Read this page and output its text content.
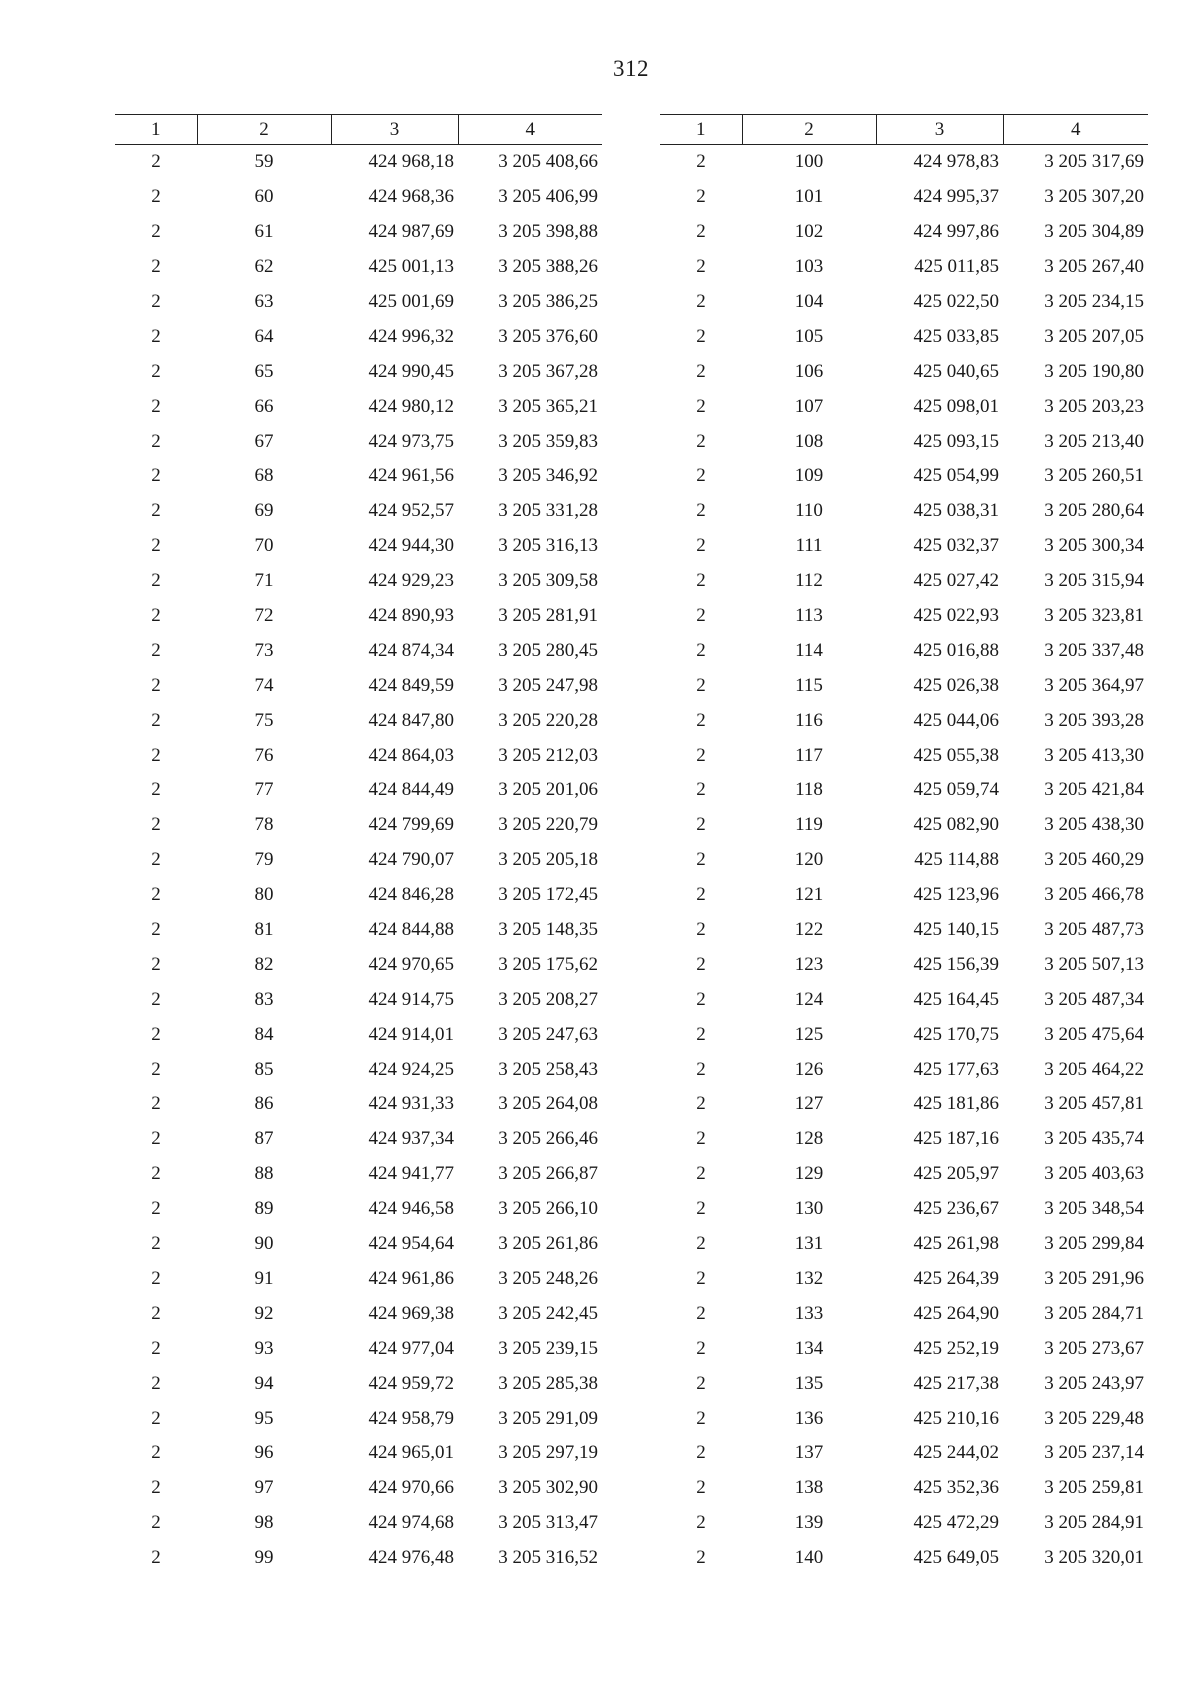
312
1	2	3	4
2	59	424 968,18	3 205 408,66
2	60	424 968,36	3 205 406,99
2	61	424 987,69	3 205 398,88
2	62	425 001,13	3 205 388,26
2	63	425 001,69	3 205 386,25
2	64	424 996,32	3 205 376,60
2	65	424 990,45	3 205 367,28
2	66	424 980,12	3 205 365,21
2	67	424 973,75	3 205 359,83
2	68	424 961,56	3 205 346,92
2	69	424 952,57	3 205 331,28
2	70	424 944,30	3 205 316,13
2	71	424 929,23	3 205 309,58
2	72	424 890,93	3 205 281,91
2	73	424 874,34	3 205 280,45
2	74	424 849,59	3 205 247,98
2	75	424 847,80	3 205 220,28
2	76	424 864,03	3 205 212,03
2	77	424 844,49	3 205 201,06
2	78	424 799,69	3 205 220,79
2	79	424 790,07	3 205 205,18
2	80	424 846,28	3 205 172,45
2	81	424 844,88	3 205 148,35
2	82	424 970,65	3 205 175,62
2	83	424 914,75	3 205 208,27
2	84	424 914,01	3 205 247,63
2	85	424 924,25	3 205 258,43
2	86	424 931,33	3 205 264,08
2	87	424 937,34	3 205 266,46
2	88	424 941,77	3 205 266,87
2	89	424 946,58	3 205 266,10
2	90	424 954,64	3 205 261,86
2	91	424 961,86	3 205 248,26
2	92	424 969,38	3 205 242,45
2	93	424 977,04	3 205 239,15
2	94	424 959,72	3 205 285,38
2	95	424 958,79	3 205 291,09
2	96	424 965,01	3 205 297,19
2	97	424 970,66	3 205 302,90
2	98	424 974,68	3 205 313,47
2	99	424 976,48	3 205 316,52
1	2	3	4
2	100	424 978,83	3 205 317,69
2	101	424 995,37	3 205 307,20
2	102	424 997,86	3 205 304,89
2	103	425 011,85	3 205 267,40
2	104	425 022,50	3 205 234,15
2	105	425 033,85	3 205 207,05
2	106	425 040,65	3 205 190,80
2	107	425 098,01	3 205 203,23
2	108	425 093,15	3 205 213,40
2	109	425 054,99	3 205 260,51
2	110	425 038,31	3 205 280,64
2	111	425 032,37	3 205 300,34
2	112	425 027,42	3 205 315,94
2	113	425 022,93	3 205 323,81
2	114	425 016,88	3 205 337,48
2	115	425 026,38	3 205 364,97
2	116	425 044,06	3 205 393,28
2	117	425 055,38	3 205 413,30
2	118	425 059,74	3 205 421,84
2	119	425 082,90	3 205 438,30
2	120	425 114,88	3 205 460,29
2	121	425 123,96	3 205 466,78
2	122	425 140,15	3 205 487,73
2	123	425 156,39	3 205 507,13
2	124	425 164,45	3 205 487,34
2	125	425 170,75	3 205 475,64
2	126	425 177,63	3 205 464,22
2	127	425 181,86	3 205 457,81
2	128	425 187,16	3 205 435,74
2	129	425 205,97	3 205 403,63
2	130	425 236,67	3 205 348,54
2	131	425 261,98	3 205 299,84
2	132	425 264,39	3 205 291,96
2	133	425 264,90	3 205 284,71
2	134	425 252,19	3 205 273,67
2	135	425 217,38	3 205 243,97
2	136	425 210,16	3 205 229,48
2	137	425 244,02	3 205 237,14
2	138	425 352,36	3 205 259,81
2	139	425 472,29	3 205 284,91
2	140	425 649,05	3 205 320,01
